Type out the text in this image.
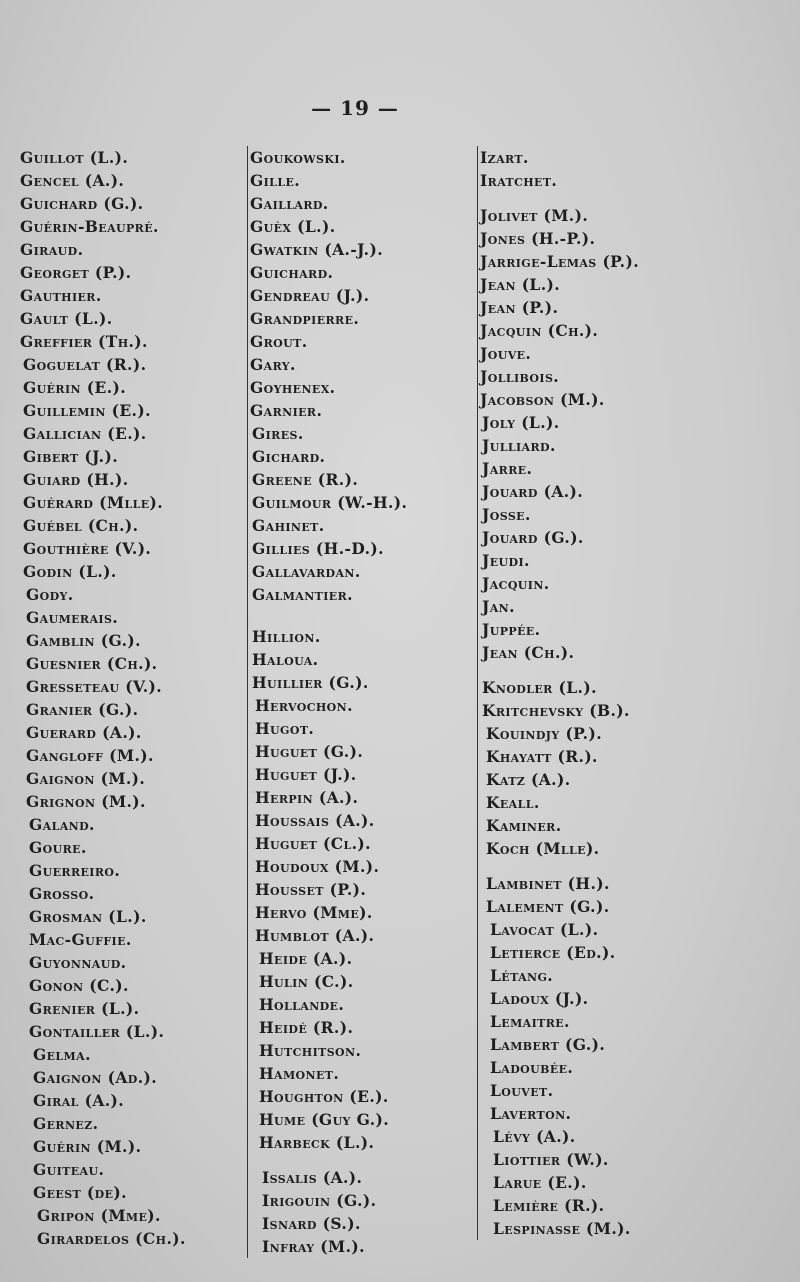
— 19 —
Guillot (L.).
Gencel (A.).
Guichard (G.).
Guérin-Beaupré.
Giraud.
Georget (P.).
Gauthier.
Gault (L.).
Greffier (Th.).
Goguelat (R.).
Guérin (E.).
Guillemin (E.).
Gallician (E.).
Gibert (J.).
Guiard (H.).
Guérard (Mlle).
Guébel (Ch.).
Gouthière (V.).
Godin (L.).
Gody.
Gaumerais.
Gamblin (G.).
Guesnier (Ch.).
Gresseteau (V.).
Granier (G.).
Guerard (A.).
Gangloff (M.).
Gaignon (M.).
Grignon (M.).
Galand.
Goure.
Guerreiro.
Grosso.
Grosman (L.).
Mac-Guffie.
Guyonnaud.
Gonon (C.).
Grenier (L.).
Gontailler (L.).
Gelma.
Gaignon (Ad.).
Giral (A.).
Gernez.
Guérin (M.).
Guiteau.
Geest (de).
Gripon (Mme).
Girardelos (Ch.).
Goukowski.
Gille.
Gaillard.
Guèx (L.).
Gwatkin (A.-J.).
Guichard.
Gendreau (J.).
Grandpierre.
Grout.
Gary.
Goyhenex.
Garnier.
Gires.
Gichard.
Greene (R.).
Guilmour (W.-H.).
Gahinet.
Gillies (H.-D.).
Gallavardan.
Galmantier.
Hillion.
Haloua.
Huillier (G.).
Hervochon.
Hugot.
Huguet (G.).
Huguet (J.).
Herpin (A.).
Houssais (A.).
Huguet (Cl.).
Houdoux (M.).
Housset (P.).
Hervo (Mme).
Humblot (A.).
Heide (A.).
Hulin (C.).
Hollande.
Heidé (R.).
Hutchitson.
Hamonet.
Houghton (E.).
Hume (Guy G.).
Harbeck (L.).
Issalis (A.).
Irigouin (G.).
Isnard (S.).
Infray (M.).
Izart.
Iratchet.
Jolivet (M.).
Jones (H.-P.).
Jarrige-Lemas (P.).
Jean (L.).
Jean (P.).
Jacquin (Ch.).
Jouve.
Jollibois.
Jacobson (M.).
Joly (L.).
Julliard.
Jarre.
Jouard (A.).
Josse.
Jouard (G.).
Jeudi.
Jacquin.
Jan.
Juppée.
Jean (Ch.).
Knodler (L.).
Kritchevsky (B.).
Kouindjy (P.).
Khayatt (R.).
Katz (A.).
Keall.
Kaminer.
Koch (Mlle).
Lambinet (H.).
Lalement (G.).
Lavocat (L.).
Letierce (Ed.).
Létang.
Ladoux (J.).
Lemaitre.
Lambert (G.).
Ladoubée.
Louvet.
Laverton.
Lévy (A.).
Liottier (W.).
Larue (E.).
Lemière (R.).
Lespinasse (M.).
